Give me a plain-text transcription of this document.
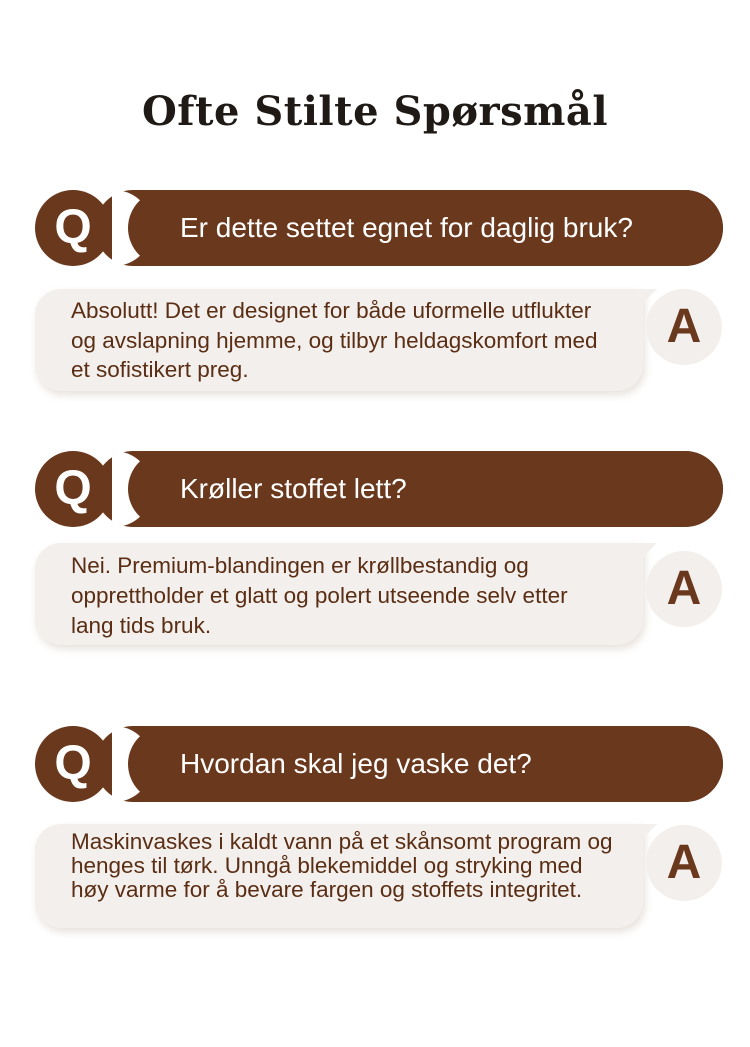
Ofte Stilte Spørsmål
Q	Er dette settet egnet for daglig bruk?
Absolutt! Det er designet for både uformelle utflukter og avslapning hjemme, og tilbyr heldagskomfort med et sofistikert preg.
A
Q	Krøller stoffet lett?
Nei. Premium-blandingen er krøllbestandig og opprettholder et glatt og polert utseende selv etter lang tids bruk.
A
Q	Hvordan skal jeg vaske det?
Maskinvaskes i kaldt vann på et skånsomt program og henges til tørk. Unngå blekemiddel og stryking med høy varme for å bevare fargen og stoffets integritet.
A
